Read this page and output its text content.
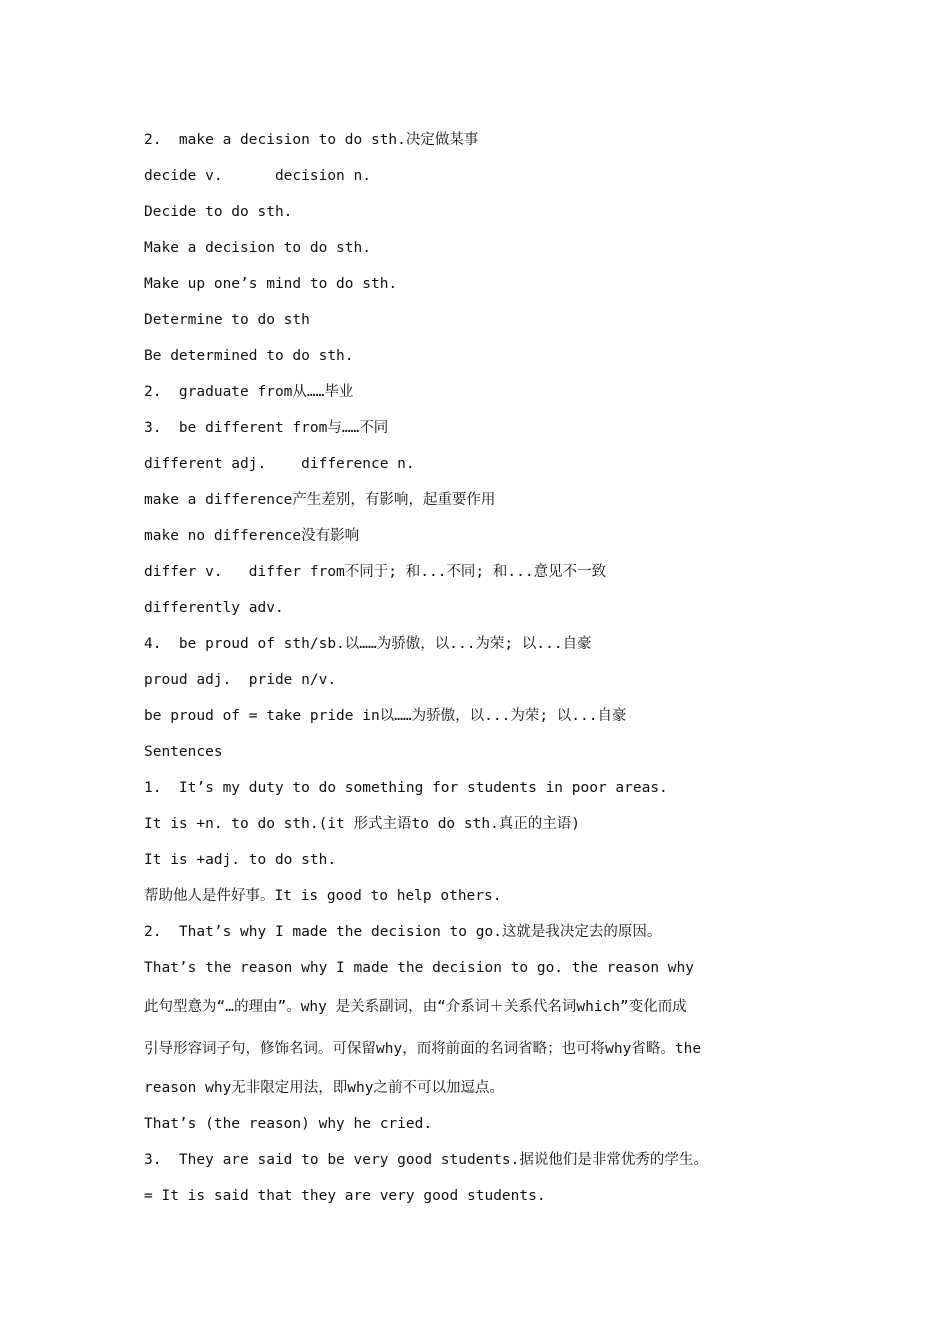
2.  make a decision to do sth.决定做某事
decide v.      decision n.
Decide to do sth.
Make a decision to do sth.
Make up one’s mind to do sth.
Determine to do sth
Be determined to do sth.
2.  graduate from从……毕业
3.  be different from与……不同
different adj.    difference n.
make a difference产生差别，有影响，起重要作用
make no difference没有影响
differ v.   differ from不同于; 和...不同; 和...意见不一致
differently adv.
4.  be proud of sth/sb.以……为骄傲，以...为荣; 以...自豪
proud adj.  pride n/v.
be proud of = take pride in以……为骄傲，以...为荣; 以...自豪
Sentences
1.  It’s my duty to do something for students in poor areas.
It is +n. to do sth.(it 形式主语to do sth.真正的主语)
It is +adj. to do sth.
帮助他人是件好事。It is good to help others.
2.  That’s why I made the decision to go.这就是我决定去的原因。
That’s the reason why I made the decision to go. the reason why
此句型意为“…的理由”。why 是关系副词，由“介系词＋关系代名词which”变化而成
引导形容词子句，修饰名词。可保留why，而将前面的名词省略；也可将why省略。the
reason why无非限定用法，即why之前不可以加逗点。
That’s (the reason) why he cried.
3.  They are said to be very good students.据说他们是非常优秀的学生。
= It is said that they are very good students.
